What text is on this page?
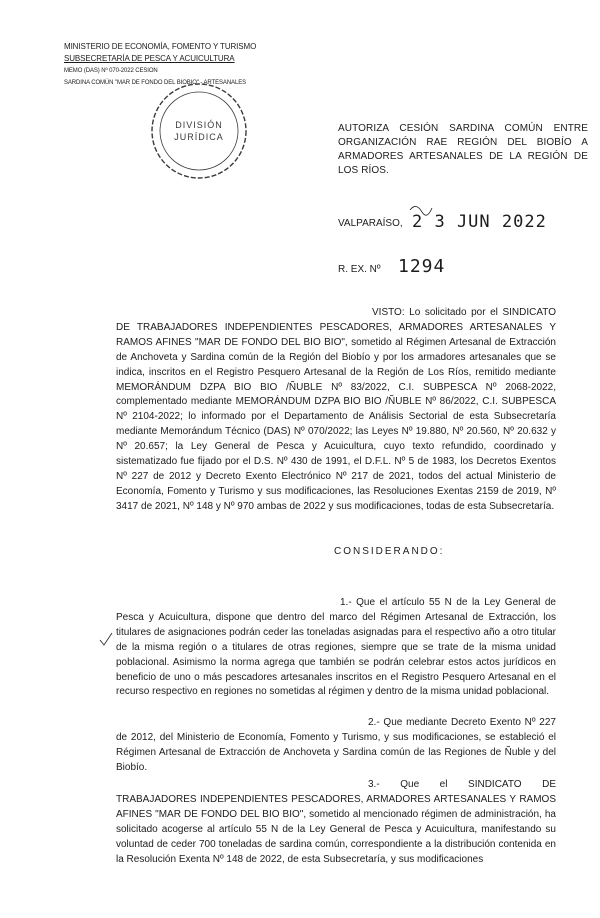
MINISTERIO DE ECONOMÍA, FOMENTO Y TURISMO
SUBSECRETARÍA DE PESCA Y ACUICULTURA
MEMO (DAS) Nº 070-2022 CESION
SARDINA COMÚN "MAR DE FONDO DEL BIOBIO" - ARTESANALES
DIVISIÓN
JURÍDICA
AUTORIZA CESIÓN SARDINA COMÚN ENTRE ORGANIZACIÓN RAE REGIÓN DEL BIOBÍO A ARMADORES ARTESANALES DE LA REGIÓN DE LOS RÍOS.
VALPARAÍSO, 2 3 JUN 2022
R. EX. Nº 1294

VISTO: Lo solicitado por el SINDICATO DE TRABAJADORES INDEPENDIENTES PESCADORES, ARMADORES ARTESANALES Y RAMOS AFINES "MAR DE FONDO DEL BIO BIO", sometido al Régimen Artesanal de Extracción de Anchoveta y Sardina común de la Región del Biobío y por los armadores artesanales que se indica, inscritos en el Registro Pesquero Artesanal de la Región de Los Ríos, remitido mediante MEMORÁNDUM DZPA BIO BIO /ÑUBLE Nº 83/2022, C.I. SUBPESCA Nº 2068-2022, complementado mediante MEMORÁNDUM DZPA BIO BIO /ÑUBLE Nº 86/2022, C.I. SUBPESCA Nº 2104-2022; lo informado por el Departamento de Análisis Sectorial de esta Subsecretaría mediante Memorándum Técnico (DAS) Nº 070/2022; las Leyes Nº 19.880, Nº 20.560, Nº 20.632 y Nº 20.657; la Ley General de Pesca y Acuicultura, cuyo texto refundido, coordinado y sistematizado fue fijado por el D.S. Nº 430 de 1991, el D.F.L. Nº 5 de 1983, los Decretos Exentos Nº 227 de 2012 y Decreto Exento Electrónico Nº 217 de 2021, todos del actual Ministerio de Economía, Fomento y Turismo y sus modificaciones, las Resoluciones Exentas 2159 de 2019, Nº 3417 de 2021, Nº 148 y Nº 970 ambas de 2022 y sus modificaciones, todas de esta Subsecretaría.

CONSIDERANDO:

1.- Que el artículo 55 N de la Ley General de Pesca y Acuicultura, dispone que dentro del marco del Régimen Artesanal de Extracción, los titulares de asignaciones podrán ceder las toneladas asignadas para el respectivo año a otro titular de la misma región o a titulares de otras regiones, siempre que se trate de la misma unidad poblacional. Asimismo la norma agrega que también se podrán celebrar estos actos jurídicos en beneficio de uno o más pescadores artesanales inscritos en el Registro Pesquero Artesanal en el recurso respectivo en regiones no sometidas al régimen y dentro de la misma unidad poblacional.

2.- Que mediante Decreto Exento Nº 227 de 2012, del Ministerio de Economía, Fomento y Turismo, y sus modificaciones, se estableció el Régimen Artesanal de Extracción de Anchoveta y Sardina común de las Regiones de Ñuble y del Biobío.

3.- Que el SINDICATO DE TRABAJADORES INDEPENDIENTES PESCADORES, ARMADORES ARTESANALES Y RAMOS AFINES "MAR DE FONDO DEL BIO BIO", sometido al mencionado régimen de administración, ha solicitado acogerse al artículo 55 N de la Ley General de Pesca y Acuicultura, manifestando su voluntad de ceder 700 toneladas de sardina común, correspondiente a la distribución contenida en la Resolución Exenta Nº 148 de 2022, de esta Subsecretaría, y sus modificaciones
